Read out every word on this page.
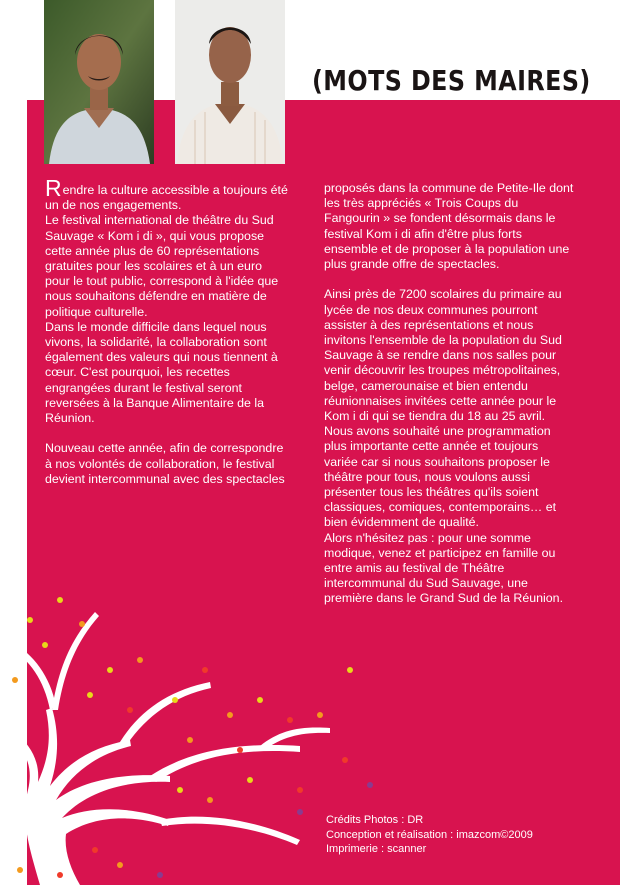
(MOTS DES MAIRES)

Rendre la culture accessible a toujours été un de nos engagements.

Le festival international de théâtre du Sud Sauvage « Kom i di », qui vous propose cette année plus de 60 représentations gratuites pour les scolaires et à un euro pour le tout public, correspond à l'idée que nous souhaitons défendre en matière de politique culturelle.

Dans le monde difficile dans lequel nous vivons, la solidarité, la collaboration sont également des valeurs qui nous tiennent à cœur. C'est pourquoi, les recettes engrangées durant le festival seront reversées à la Banque Alimentaire de la Réunion.

Nouveau cette année, afin de correspondre à nos volontés de collaboration, le festival devient intercommunal avec des spectacles

proposés dans la commune de Petite-Ile dont les très appréciés « Trois Coups du Fangourin » se fondent désormais dans le festival Kom i di afin d'être plus forts ensemble et de proposer à la population une plus grande offre de spectacles.

Ainsi près de 7200 scolaires du primaire au lycée de nos deux communes pourront assister à des représentations et nous invitons l'ensemble de la population du Sud Sauvage à se rendre dans nos salles pour venir découvrir les troupes métropolitaines, belge, camerounaise et bien entendu réunionnaises invitées cette année pour le Kom i di qui se tiendra du 18 au 25 avril. Nous avons souhaité une programmation plus importante cette année et toujours variée car si nous souhaitons proposer le théâtre pour tous, nous voulons aussi présenter tous les théâtres qu'ils soient classiques, comiques, contemporains… et bien évidemment de qualité.

Alors n'hésitez pas : pour une somme modique, venez et participez en famille ou entre amis au festival de Théâtre intercommunal du Sud Sauvage, une première dans le Grand Sud de la Réunion.

Crédits Photos : DR
Conception et réalisation : imazcom©2009
Imprimerie : scanner
